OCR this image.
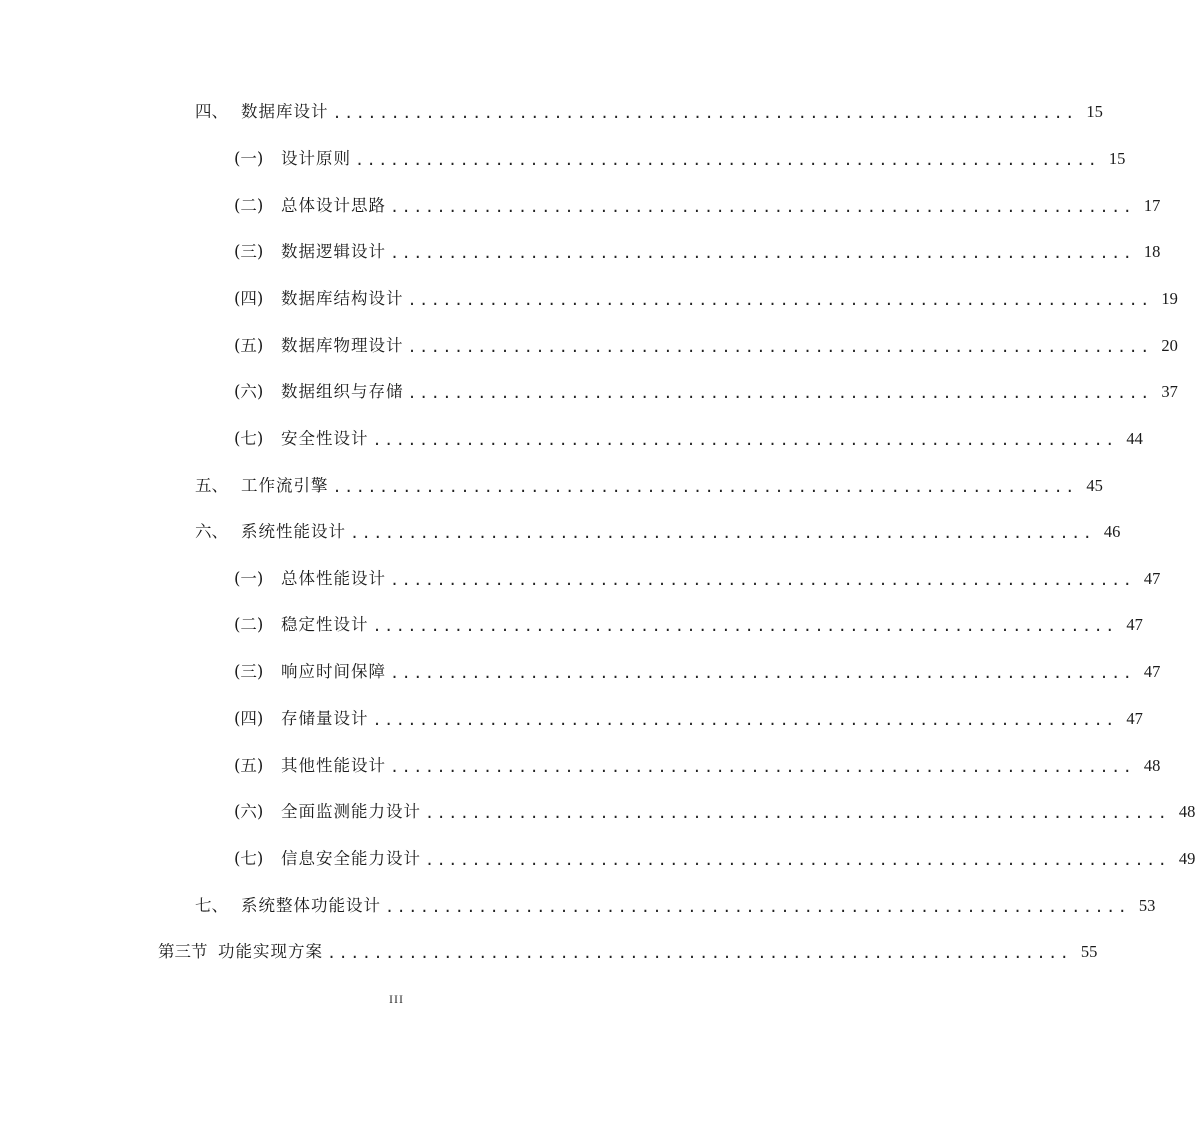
四、 数据库设计 ................................................................ 15
(一)	设计原则 ................................................................ 15
(二)	总体设计思路 ................................................................ 17
(三)	数据逻辑设计 ................................................................ 18
(四)	数据库结构设计 ................................................................ 19
(五)	数据库物理设计 ................................................................ 20
(六)	数据组织与存储 ................................................................ 37
(七)	安全性设计 ................................................................ 44
五、 工作流引擎 ................................................................ 45
六、 系统性能设计 ................................................................ 46
(一)	总体性能设计 ................................................................ 47
(二)	稳定性设计 ................................................................ 47
(三)	响应时间保障 ................................................................ 47
(四)	存储量设计 ................................................................ 47
(五)	其他性能设计 ................................................................ 48
(六)	全面监测能力设计 ................................................................ 48
(七)	信息安全能力设计 ................................................................ 49
七、 系统整体功能设计 ................................................................ 53
第三节 功能实现方案 ................................................................ 55
III
